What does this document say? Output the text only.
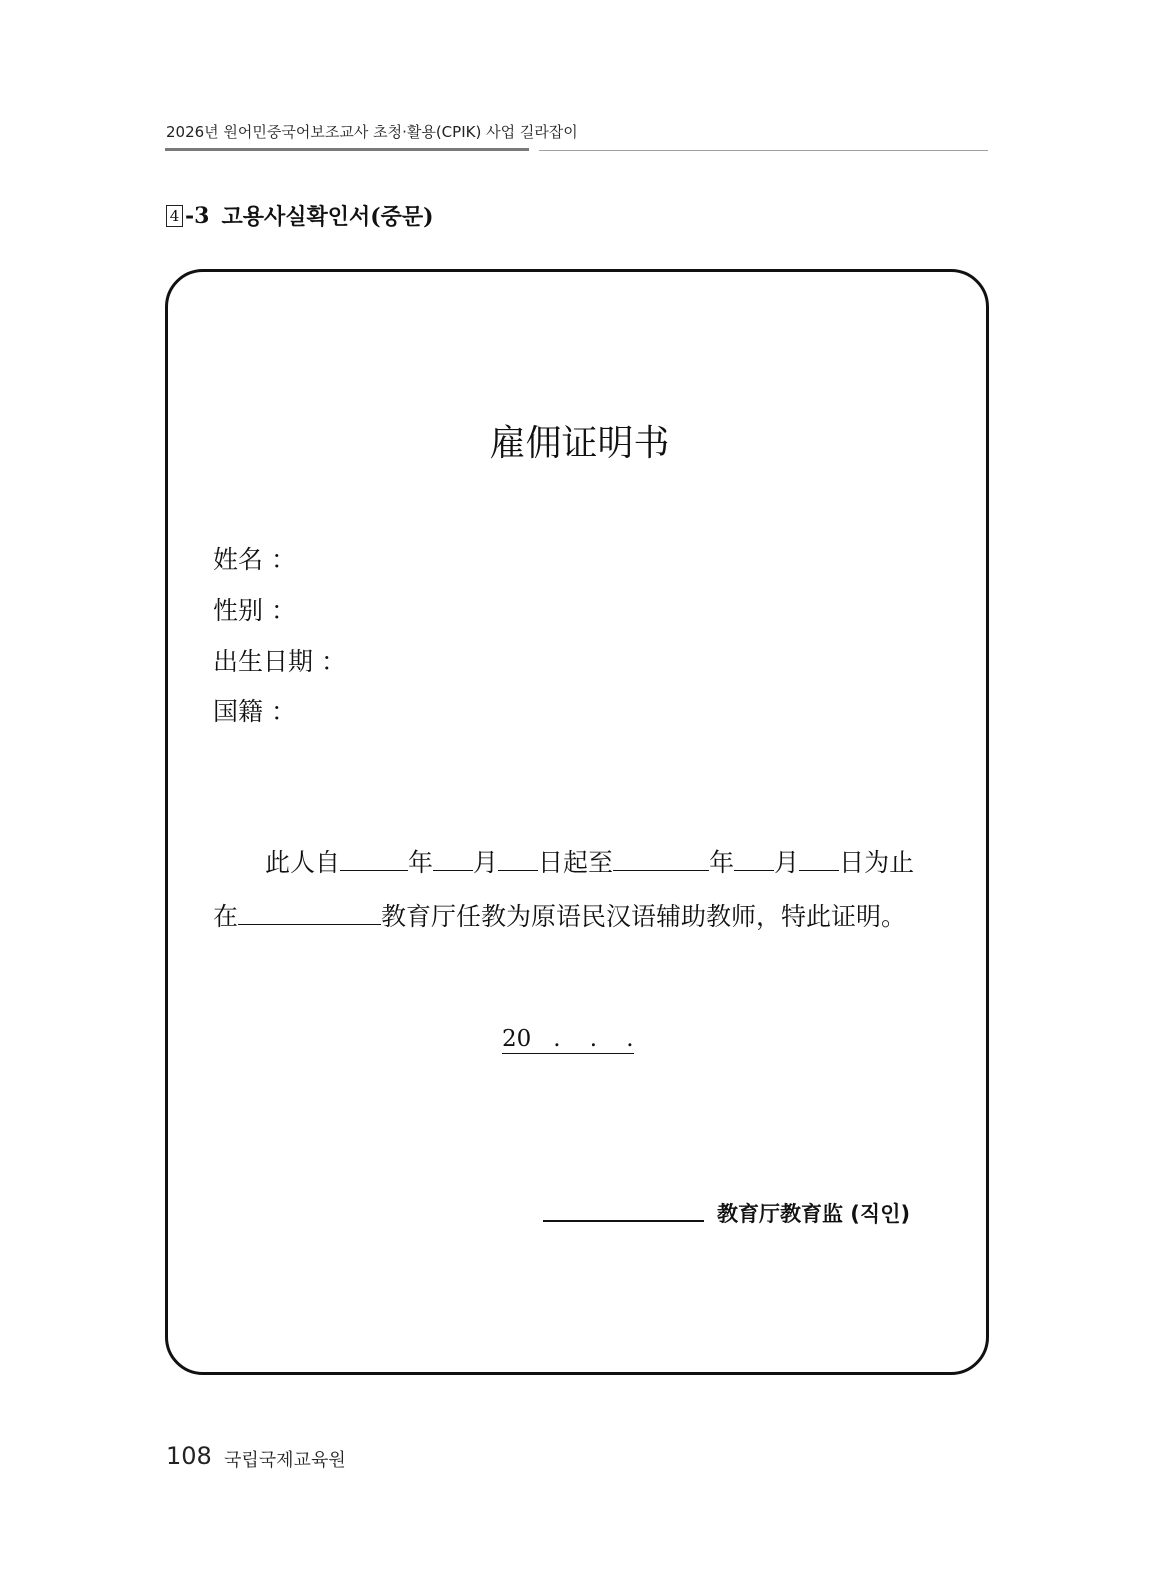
2026년 원어민중국어보조교사 초청·활용(CPIK) 사업 길라잡이
4 -3 고용사실확인서(중문)
雇佣证明书
姓名 ：
性别 ：
出生日期 ：
国籍 ：
此人自	年 月 日起至	年 月 日为止
在	教育厅任教为原语民汉语辅助教师，特此证明。
20   .    .    .
教育厅教育监 (직인)
108 국립국제교육원
